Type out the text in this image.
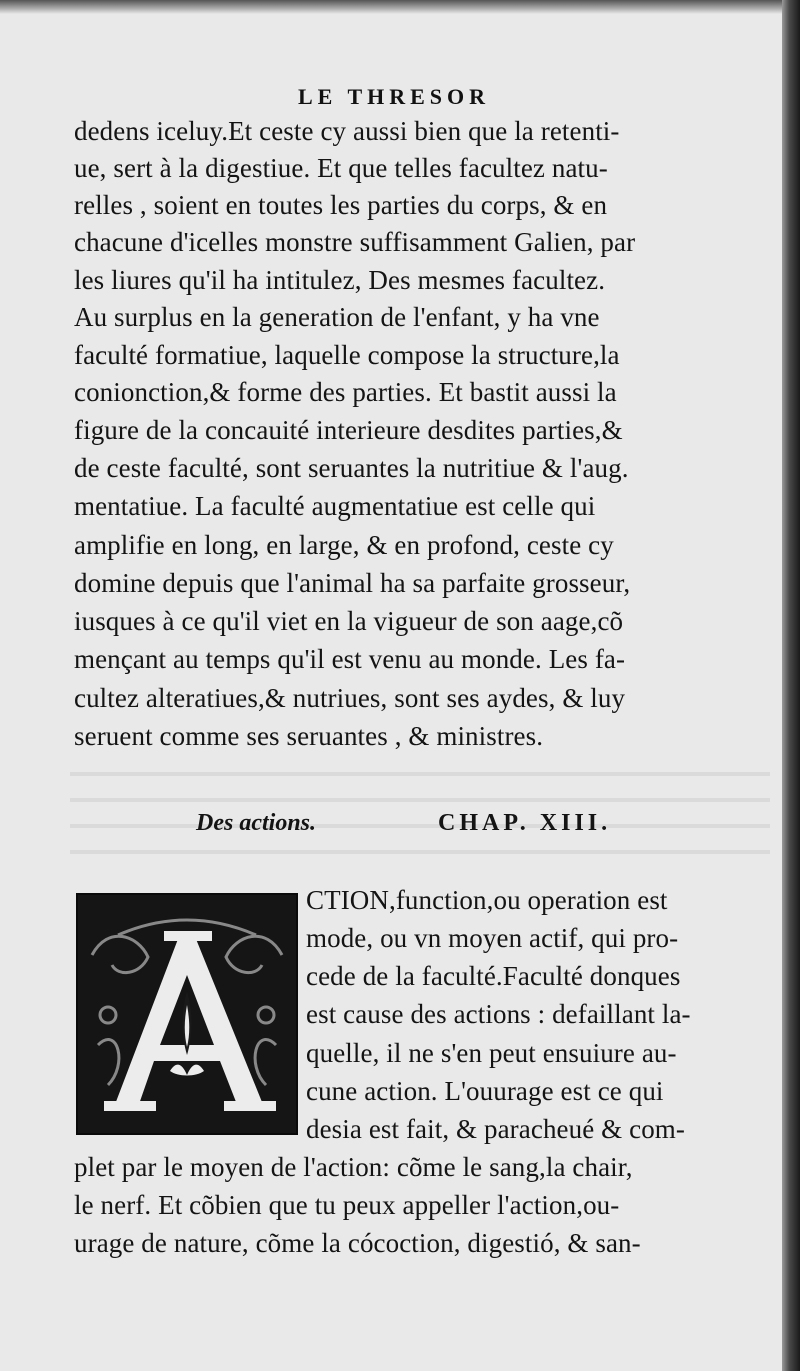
LE THRESOR
dedens iceluy.Et ceste cy aussi bien que la retenti-
ue, sert à la digestiue. Et que telles facultez natu-
relles , soient en toutes les parties du corps, & en
chacune d'icelles monstre suffisamment Galien, par
les liures qu'il ha intitulez, Des mesmes facultez.
Au surplus en la generation de l'enfant, y ha vne
faculté formatiue, laquelle compose la structure,la
conionction,& forme des parties. Et bastit aussi la
figure de la concauité interieure desdites parties,&
de ceste faculté, sont seruantes la nutritiue & l'aug.
mentatiue. La faculté augmentatiue est celle qui
amplifie en long, en large, & en profond, ceste cy
domine depuis que l'animal ha sa parfaite grosseur,
iusques à ce qu'il viet en la vigueur de son aage,cõ
mençant au temps qu'il est venu au monde. Les fa-
cultez alteratiues,& nutriues, sont ses aydes, & luy
seruent comme ses seruantes , & ministres.
Des actions.	CHAP. XIII.
CTION,function,ou operation est
mode, ou vn moyen actif, qui pro-
cede de la faculté.Faculté donques
est cause des actions : defaillant la-
quelle, il ne s'en peut ensuiure au-
cune action. L'ouurage est ce qui
desia est fait, & paracheué & com-
plet par le moyen de l'action: cõme le sang,la chair,
le nerf. Et cõbien que tu peux appeller l'action,ou-
urage de nature, cõme la cócoction, digestió, & san-
